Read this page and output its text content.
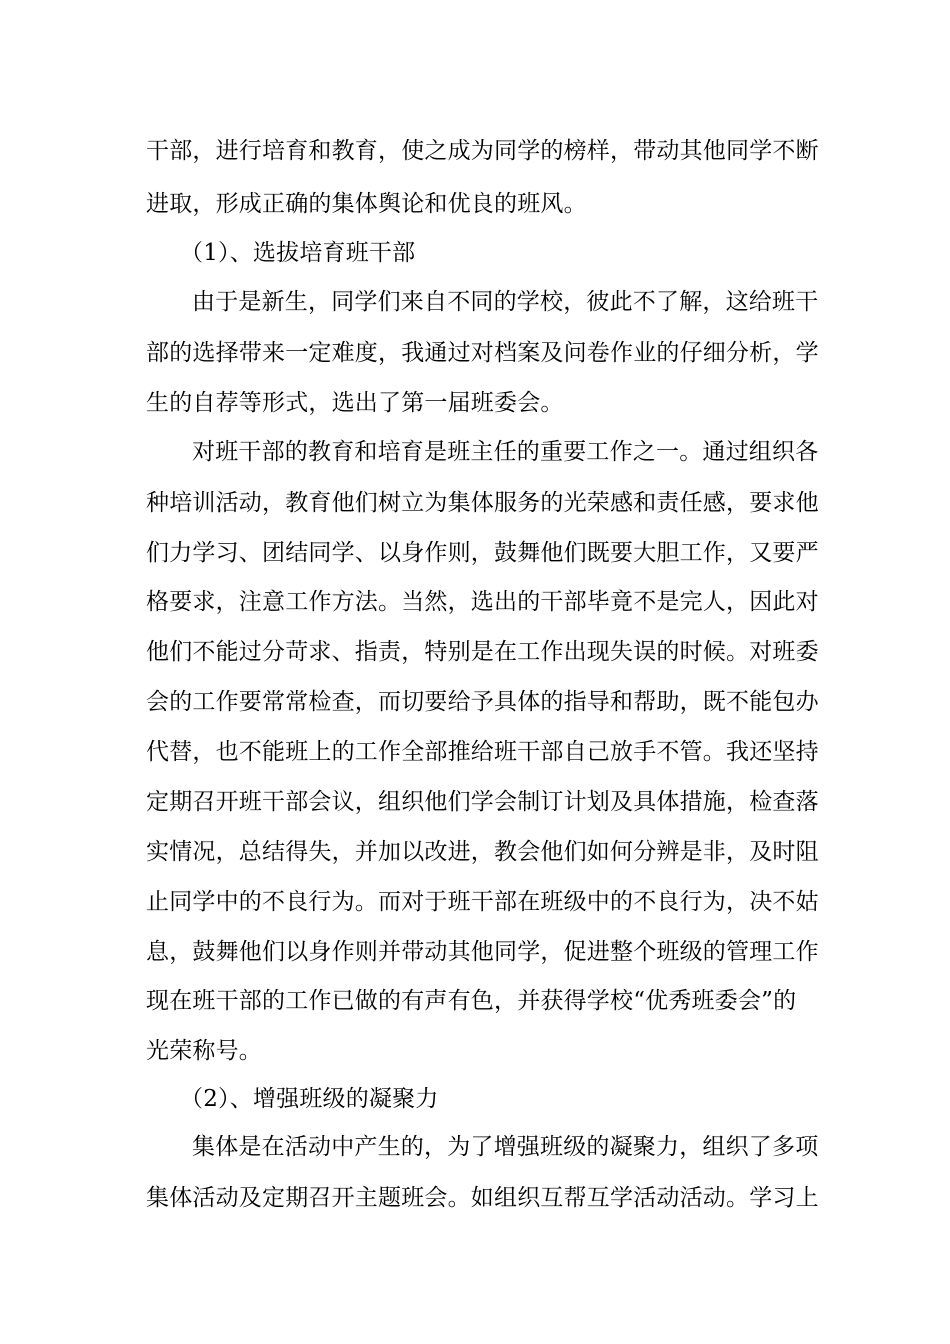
干部，进行培育和教育，使之成为同学的榜样，带动其他同学不断
进取，形成正确的集体舆论和优良的班风。
（1）、选拔培育班干部
由于是新生，同学们来自不同的学校，彼此不了解，这给班干
部的选择带来一定难度，我通过对档案及问卷作业的仔细分析，学
生的自荐等形式，选出了第一届班委会。
对班干部的教育和培育是班主任的重要工作之一。通过组织各
种培训活动，教育他们树立为集体服务的光荣感和责任感，要求他
们力学习、团结同学、以身作则，鼓舞他们既要大胆工作，又要严
格要求，注意工作方法。当然，选出的干部毕竟不是完人，因此对
他们不能过分苛求、指责，特别是在工作出现失误的时候。对班委
会的工作要常常检查，而切要给予具体的指导和帮助，既不能包办
代替，也不能班上的工作全部推给班干部自己放手不管。我还坚持
定期召开班干部会议，组织他们学会制订计划及具体措施，检查落
实情况，总结得失，并加以改进，教会他们如何分辨是非，及时阻
止同学中的不良行为。而对于班干部在班级中的不良行为，决不姑
息，鼓舞他们以身作则并带动其他同学，促进整个班级的管理工作
现在班干部的工作已做的有声有色，并获得学校“优秀班委会”的
光荣称号。
（2）、增强班级的凝聚力
集体是在活动中产生的，为了增强班级的凝聚力，组织了多项
集体活动及定期召开主题班会。如组织互帮互学活动活动。学习上
